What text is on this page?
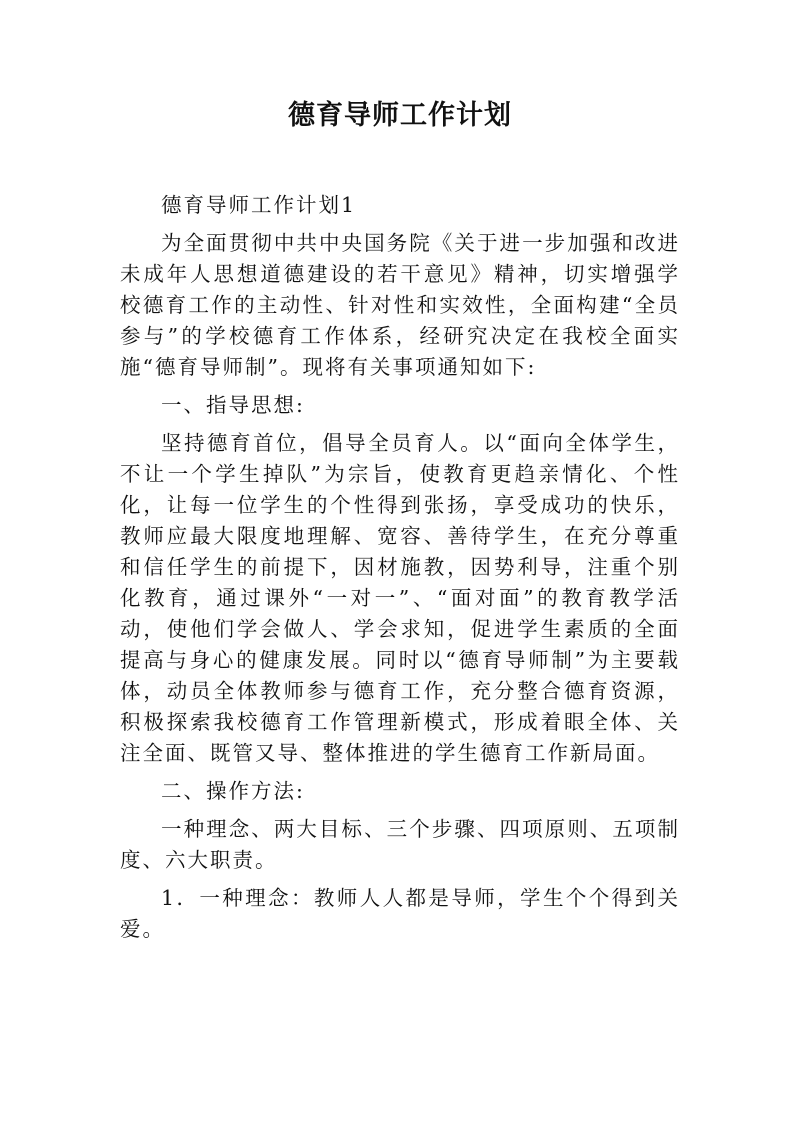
德育导师工作计划

德育导师工作计划1

为全面贯彻中共中央国务院《关于进一步加强和改进未成年人思想道德建设的若干意见》精神，切实增强学校德育工作的主动性、针对性和实效性，全面构建“全员参与”的学校德育工作体系，经研究决定在我校全面实施“德育导师制”。现将有关事项通知如下:

一、指导思想:

坚持德育首位，倡导全员育人。以“面向全体学生，不让一个学生掉队”为宗旨，使教育更趋亲情化、个性化，让每一位学生的个性得到张扬，享受成功的快乐，教师应最大限度地理解、宽容、善待学生，在充分尊重和信任学生的前提下，因材施教，因势利导，注重个别化教育，通过课外“一对一”、“面对面”的教育教学活动，使他们学会做人、学会求知，促进学生素质的全面提高与身心的健康发展。同时以“德育导师制”为主要载体，动员全体教师参与德育工作，充分整合德育资源，积极探索我校德育工作管理新模式，形成着眼全体、关注全面、既管又导、整体推进的学生德育工作新局面。

二、操作方法:

一种理念、两大目标、三个步骤、四项原则、五项制度、六大职责。

1．一种理念：教师人人都是导师，学生个个得到关爱。
